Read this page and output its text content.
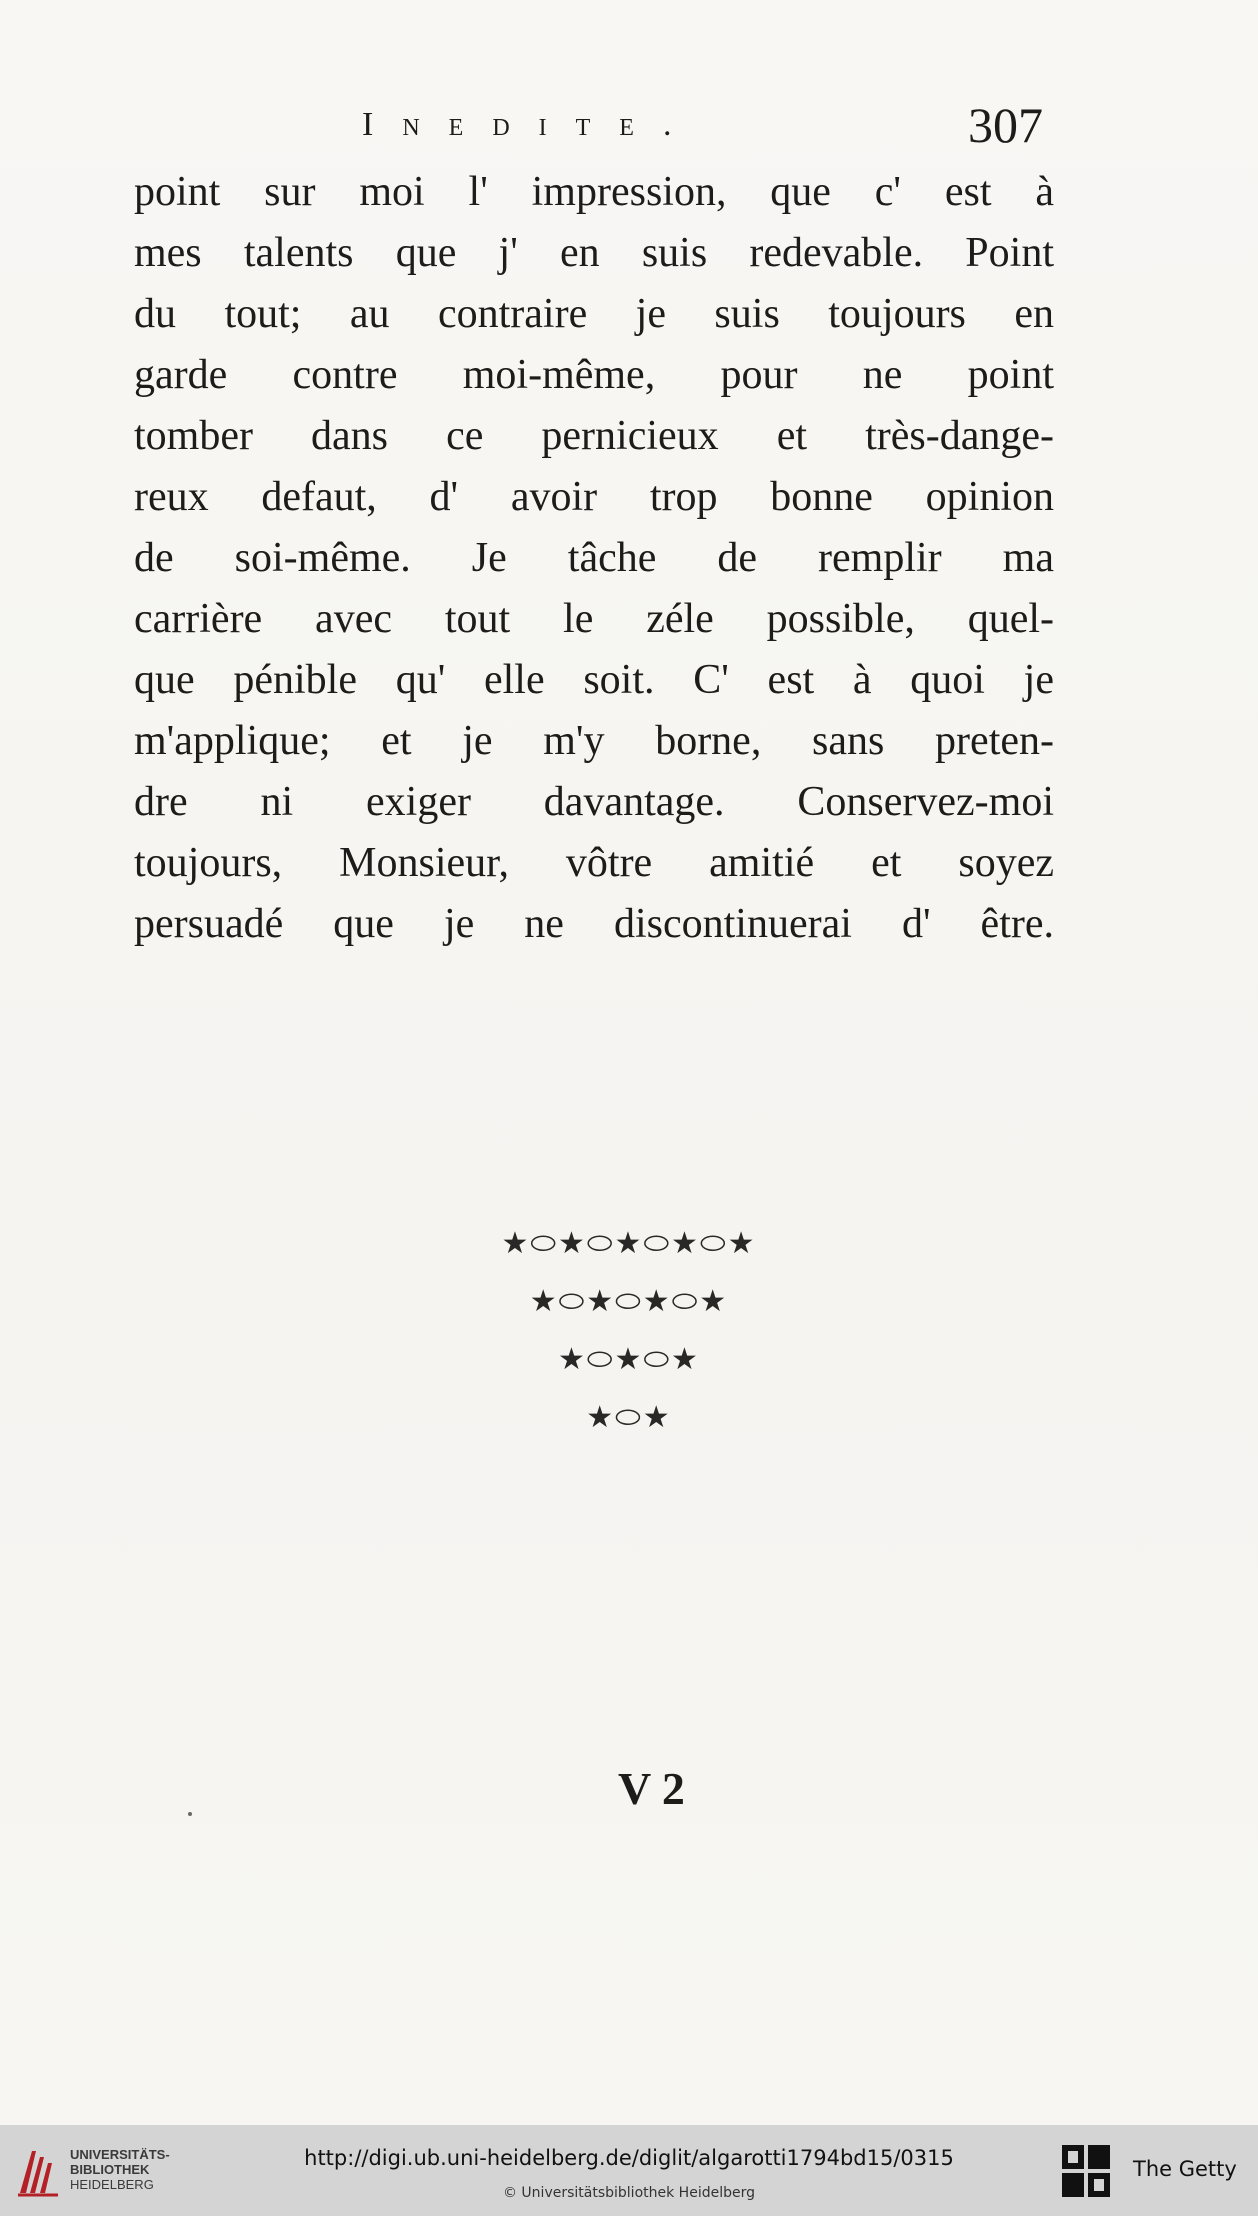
Inedite.	307
point sur moi l' impression, que c' est à
mes talents que j' en suis redevable. Point
du tout; au contraire je suis toujours en
garde contre moi-même, pour ne point
tomber dans ce pernicieux et très-dange-
reux defaut, d' avoir trop bonne opinion
de soi-même. Je tâche de remplir ma
carrière avec tout le zéle possible, quel-
que pénible qu' elle soit. C' est à quoi je
m'applique; et je m'y borne, sans preten-
dre ni exiger davantage. Conservez-moi
toujours, Monsieur, vôtre amitié et soyez
persuadé que je ne discontinuerai d' être.
★⬭★⬭★⬭★⬭★
★⬭★⬭★⬭★
★⬭★⬭★
★⬭★
V 2
UNIVERSITÄTS-
BIBLIOTHEK
HEIDELBERG
http://digi.ub.uni-heidelberg.de/diglit/algarotti1794bd15/0315
© Universitätsbibliothek Heidelberg
The Getty
